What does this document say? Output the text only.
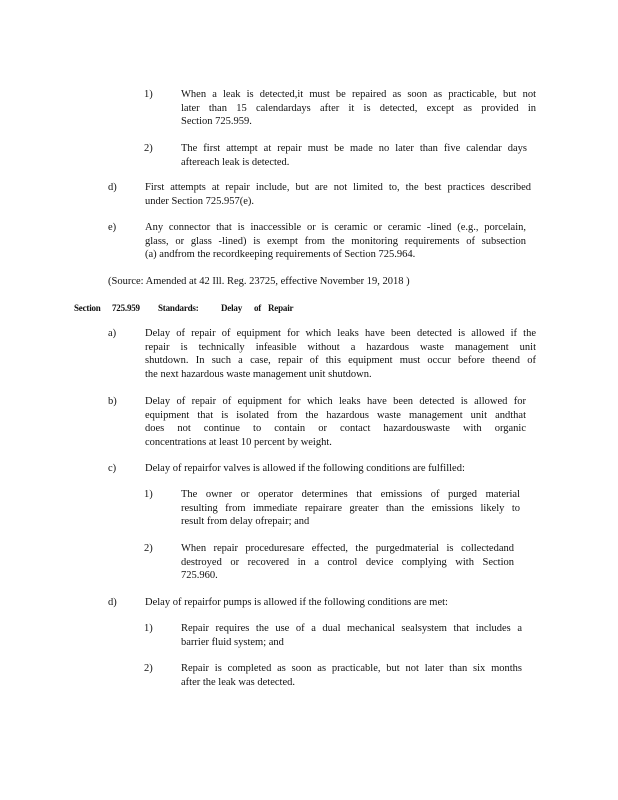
1)	When a leak is detected,it must be repaired as soon as practicable, but not
later than 15 calendardays after it is detected, except as provided in
Section 725.959.
2)	The first attempt at repair must be made no later than five calendar days
aftereach leak is detected.
d)	First attempts at repair include, but are not limited to, the best practices described
under Section 725.957(e).
e)	Any connector that is inaccessible or is ceramic or ceramic -lined (e.g., porcelain,
glass, or glass -lined) is exempt from the monitoring requirements of subsection
(a) andfrom the recordkeeping requirements of Section 725.964.
(Source: Amended at 42 Ill. Reg. 23725, effective November 19, 2018 )
Section 725.959 Standards: Delay of Repair
a)	Delay of repair of equipment for which leaks have been detected is allowed if the
repair is technically infeasible without a hazardous waste management unit
shutdown. In such a case, repair of this equipment must occur before theend of
the next hazardous waste management unit shutdown.
b)	Delay of repair of equipment for which leaks have been detected is allowed for
equipment that is isolated from the hazardous waste management unit andthat
does not continue to contain or contact hazardouswaste with organic
concentrations at least 10 percent by weight.
c)	Delay of repairfor valves is allowed if the following conditions are fulfilled:
1)	The owner or operator determines that emissions of purged material
resulting from immediate repairare greater than the emissions likely to
result from delay ofrepair; and
2)	When repair proceduresare effected, the purgedmaterial is collectedand
destroyed or recovered in a control device complying with Section
725.960.
d)	Delay of repairfor pumps is allowed if the following conditions are met:
1)	Repair requires the use of a dual mechanical sealsystem that includes a
barrier fluid system; and
2)	Repair is completed as soon as practicable, but not later than six months
after the leak was detected.
